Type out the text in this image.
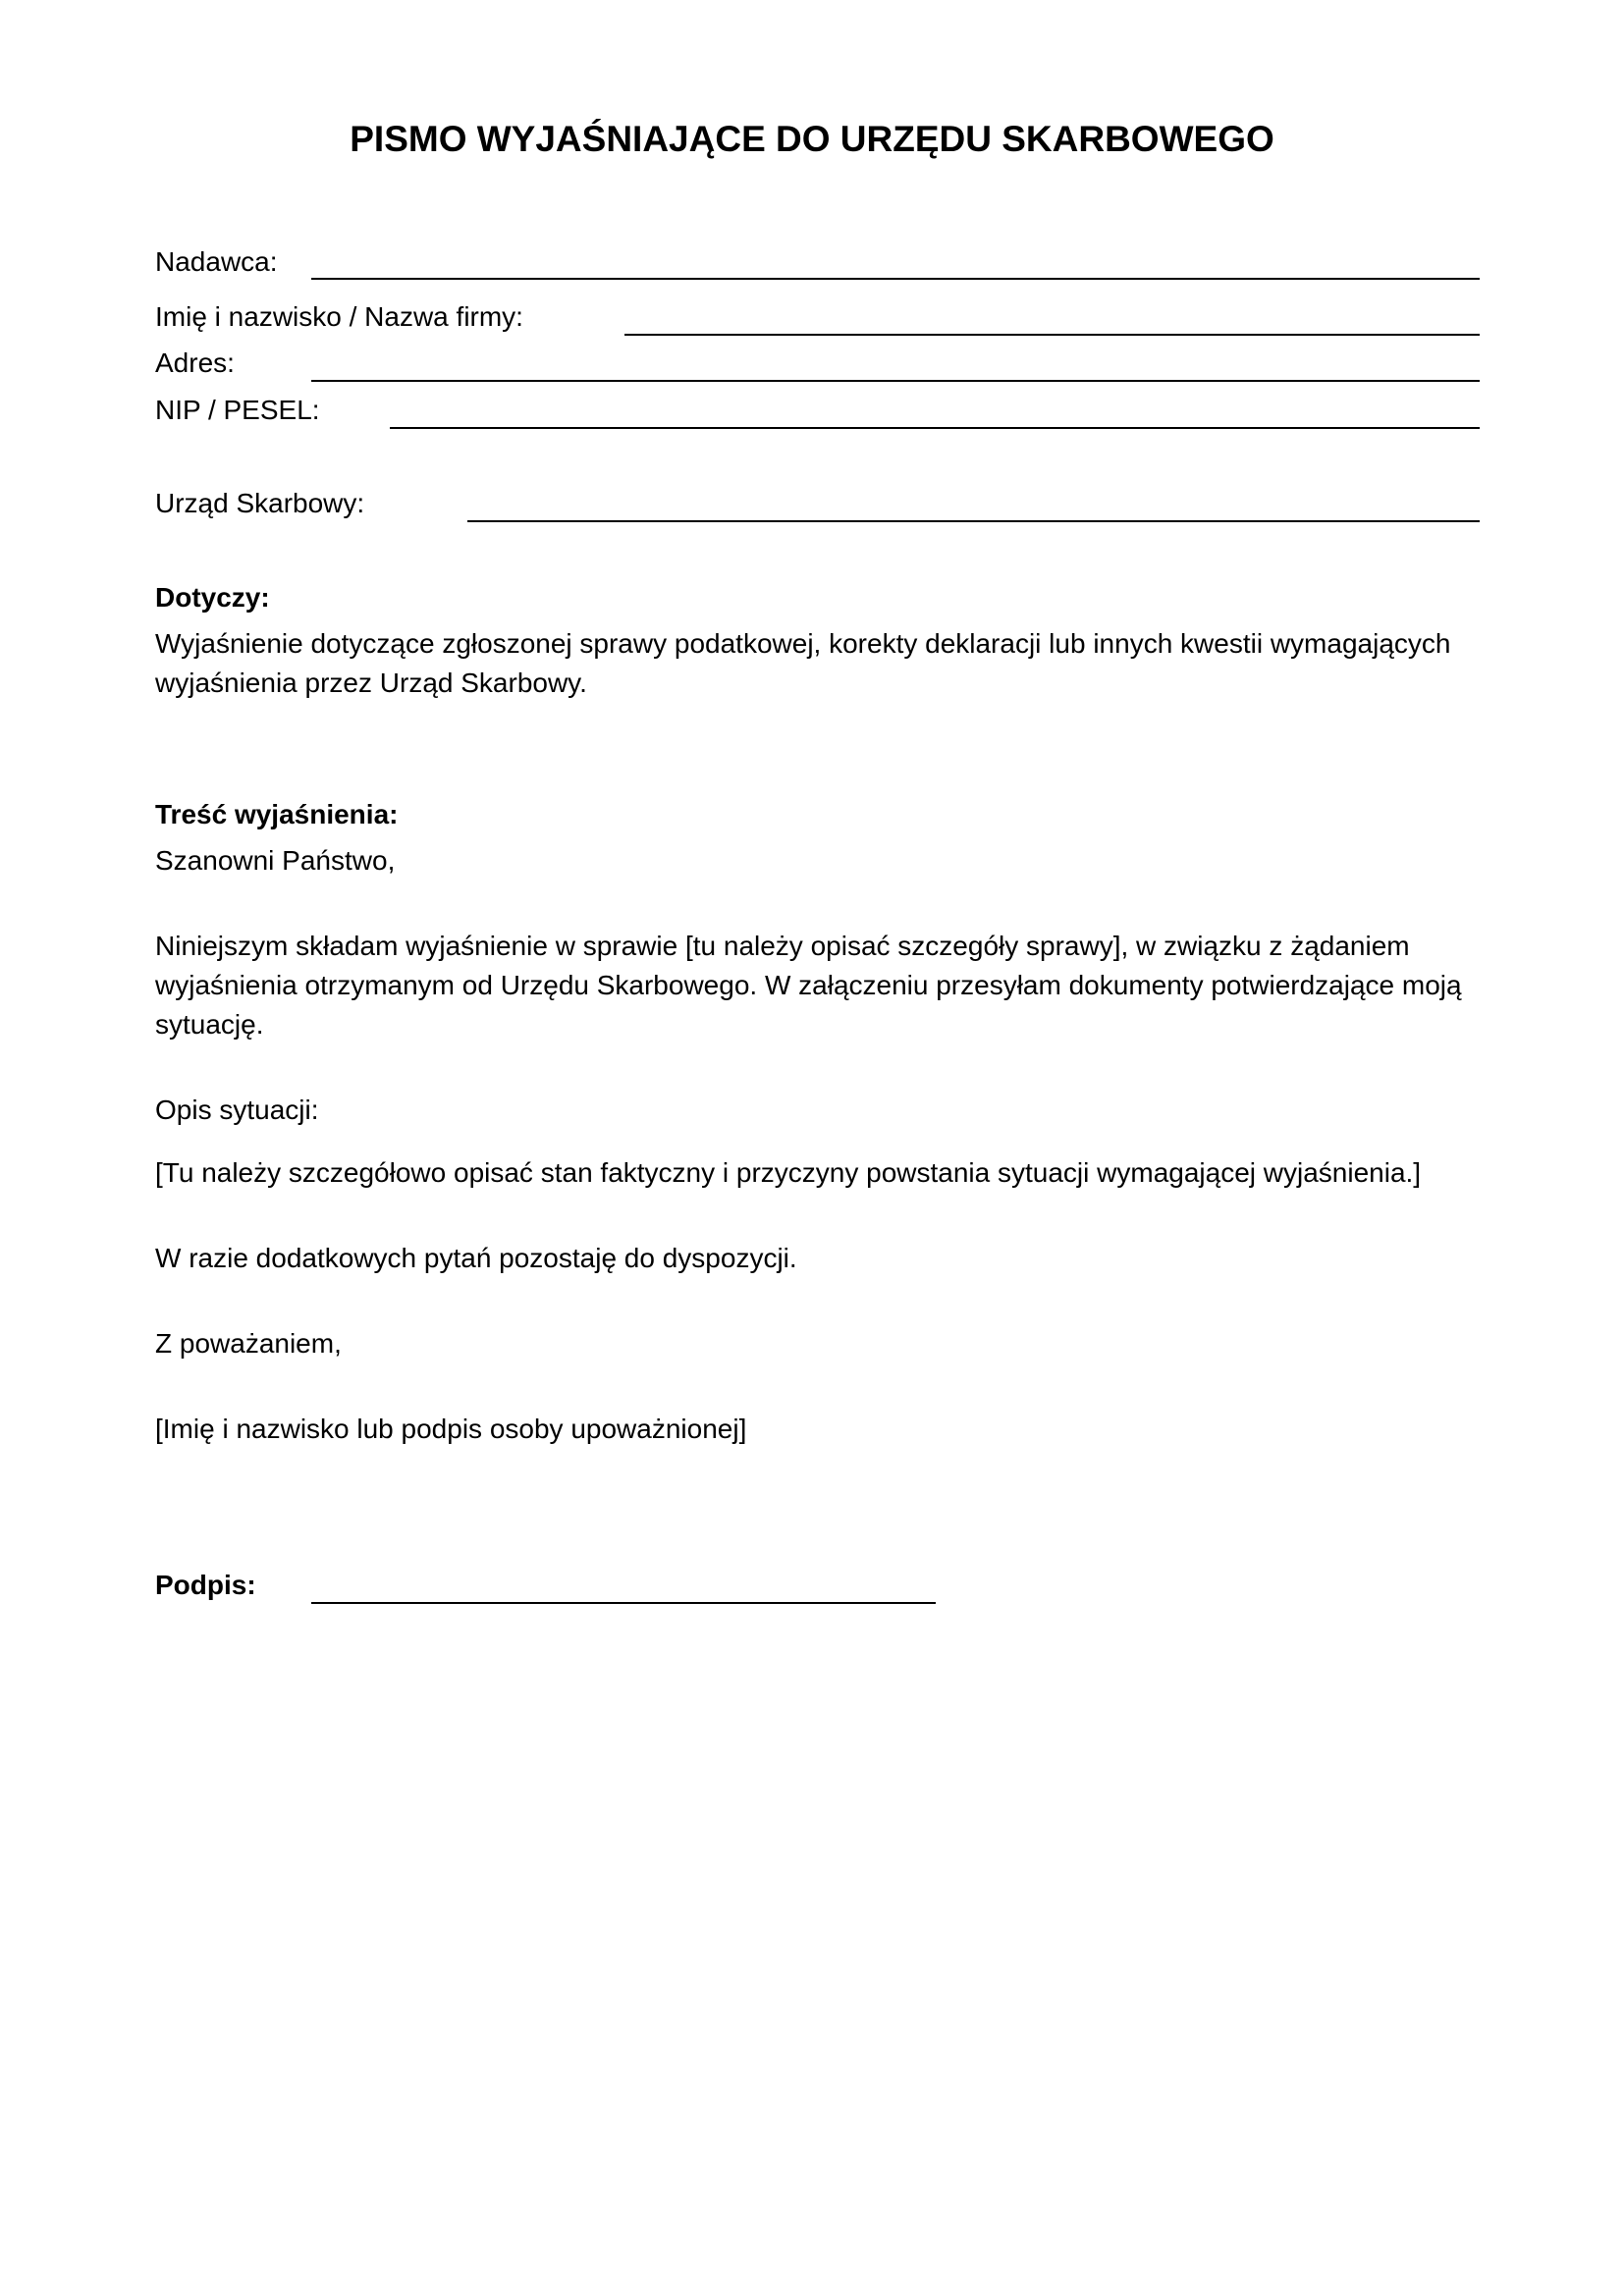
PISMO WYJAŚNIAJĄCE DO URZĘDU SKARBOWEGO
Nadawca:
Imię i nazwisko / Nazwa firmy:
Adres:
NIP / PESEL:
Urząd Skarbowy:
Dotyczy:
Wyjaśnienie dotyczące zgłoszonej sprawy podatkowej, korekty deklaracji lub innych kwestii wymagających wyjaśnienia przez Urząd Skarbowy.
Treść wyjaśnienia:
Szanowni Państwo,
Niniejszym składam wyjaśnienie w sprawie [tu należy opisać szczegóły sprawy], w związku z żądaniem wyjaśnienia otrzymanym od Urzędu Skarbowego. W załączeniu przesyłam dokumenty potwierdzające moją sytuację.
Opis sytuacji:
[Tu należy szczegółowo opisać stan faktyczny i przyczyny powstania sytuacji wymagającej wyjaśnienia.]
W razie dodatkowych pytań pozostaję do dyspozycji.
Z poważaniem,
[Imię i nazwisko lub podpis osoby upoważnionej]
Podpis:
